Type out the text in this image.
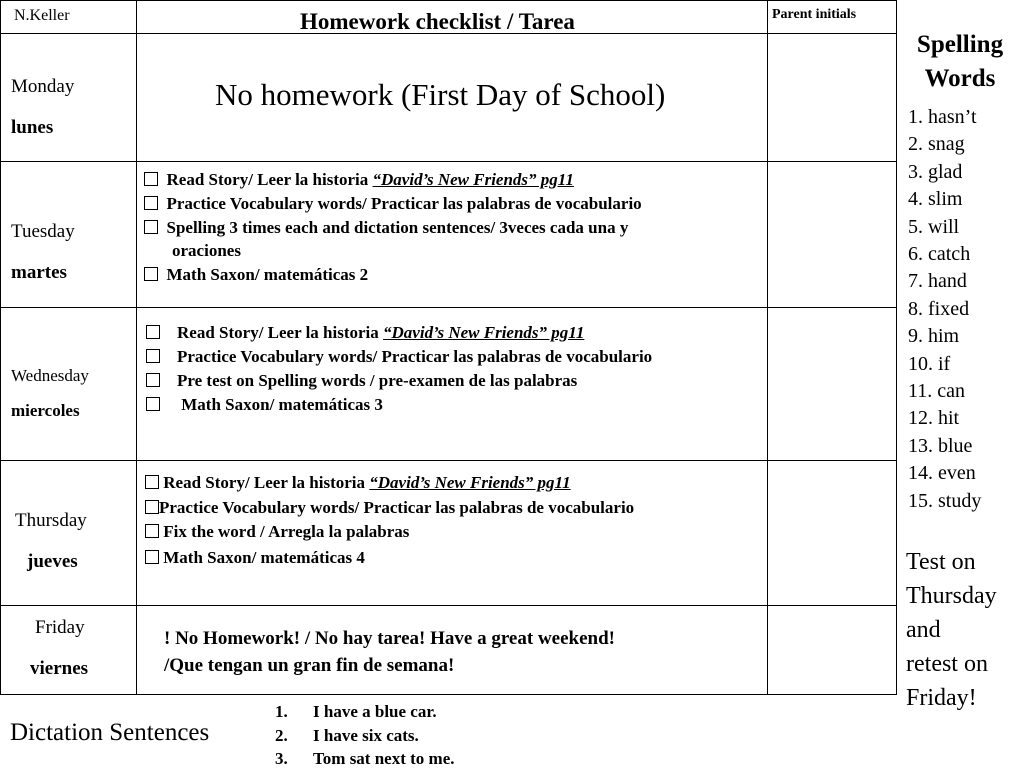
N.Keller	Homework checklist / Tarea	Parent initials
Monday
lunes
No homework (First Day of School)
Tuesday
martes
Read Story/ Leer la historia “David’s New Friends” pg11
Practice Vocabulary words/ Practicar las palabras de vocabulario
Spelling 3 times each and dictation sentences/ 3veces cada una y
oraciones
Math Saxon/ matemáticas 2
Wednesday
miercoles
Read Story/ Leer la historia “David’s New Friends” pg11
Practice Vocabulary words/ Practicar las palabras de vocabulario
Pre test on Spelling words / pre-examen de las palabras
Math Saxon/ matemáticas 3
Thursday
jueves
Read Story/ Leer la historia “David’s New Friends” pg11
Practice Vocabulary words/ Practicar las palabras de vocabulario
Fix the word / Arregla la palabras
Math Saxon/ matemáticas 4
Friday
viernes
! No Homework! / No hay tarea! Have a great weekend!
/Que tengan un gran fin de semana!
Spelling
Words
1. hasn’t
2. snag
3. glad
4. slim
5. will
6. catch
7. hand
8. fixed
9. him
10. if
11. can
12. hit
13. blue
14. even
15. study
Test on
Thursday
and
retest on
Friday!
Dictation Sentences
1. I have a blue car.
2. I have six cats.
3. Tom sat next to me.
